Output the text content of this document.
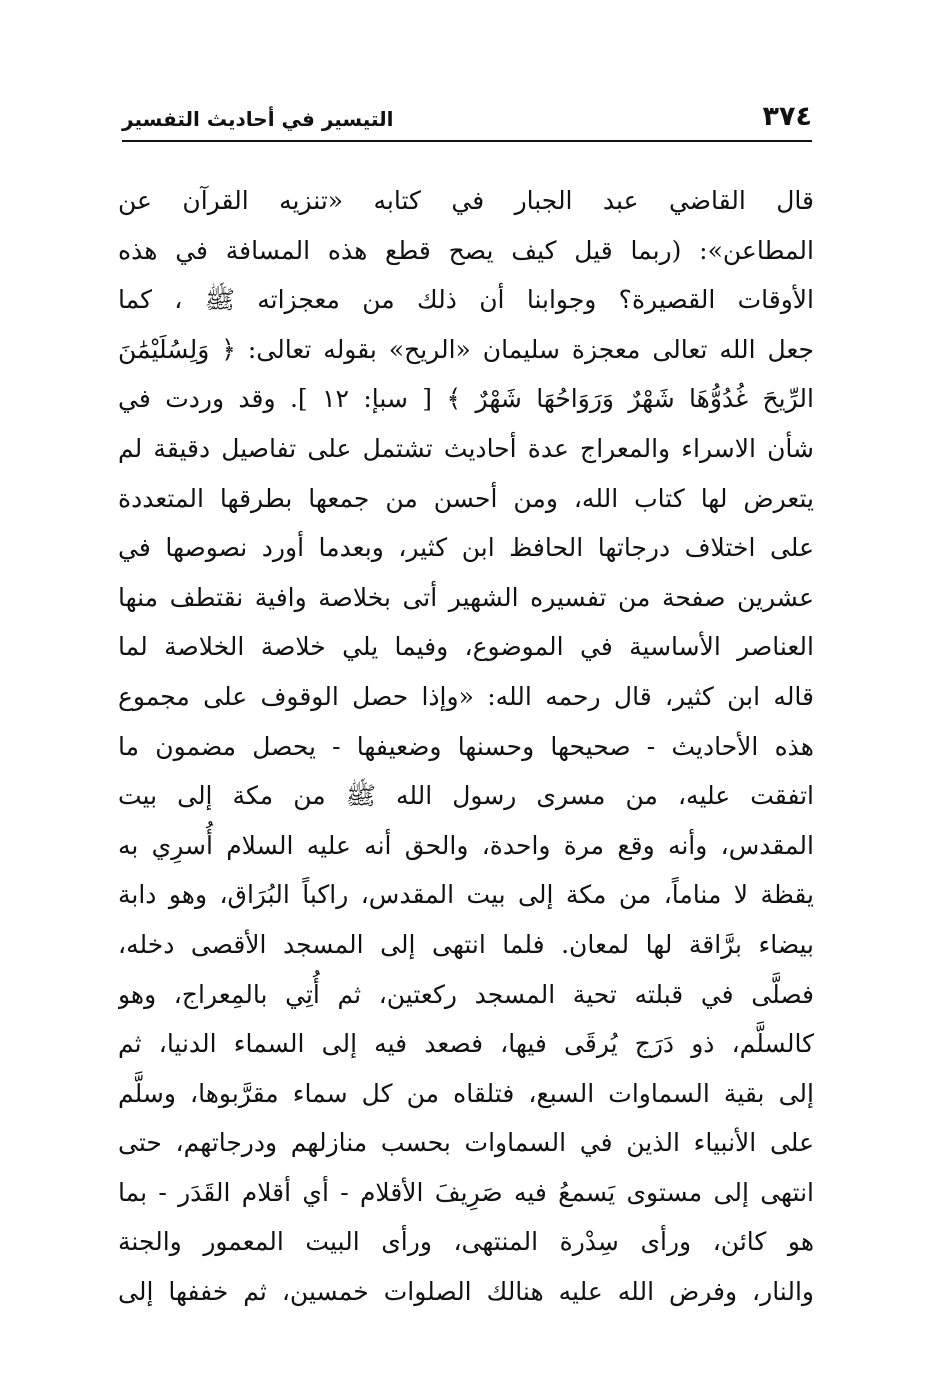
٣٧٤
التيسير في أحاديث التفسير
قال القاضي عبد الجبار في كتابه «تنزيه القرآن عن
المطاعن»: (ربما قيل كيف يصح قطع هذه المسافة في هذه
الأوقات القصيرة؟ وجوابنا أن ذلك من معجزاته ﷺ ، كما
جعل الله تعالى معجزة سليمان «الريح» بقوله تعالى: ﴿ وَلِسُلَيْمَٰنَ
الرِّيحَ غُدُوُّهَا شَهْرٌ وَرَوَاحُهَا شَهْرٌ ﴾ [ سبإ: ١٢ ]. وقد وردت في
شأن الاسراء والمعراج عدة أحاديث تشتمل على تفاصيل دقيقة لم
يتعرض لها كتاب الله، ومن أحسن من جمعها بطرقها المتعددة
على اختلاف درجاتها الحافظ ابن كثير، وبعدما أورد نصوصها في
عشرين صفحة من تفسيره الشهير أتى بخلاصة وافية نقتطف منها
العناصر الأساسية في الموضوع، وفيما يلي خلاصة الخلاصة لما
قاله ابن كثير، قال رحمه الله: «وإذا حصل الوقوف على مجموع
هذه الأحاديث - صحيحها وحسنها وضعيفها - يحصل مضمون ما
اتفقت عليه، من مسرى رسول الله ﷺ من مكة إلى بيت
المقدس، وأنه وقع مرة واحدة، والحق أنه عليه السلام أُسرِي به
يقظة لا مناماً، من مكة إلى بيت المقدس، راكباً البُرَاق، وهو دابة
بيضاء برَّاقة لها لمعان. فلما انتهى إلى المسجد الأقصى دخله،
فصلَّى في قبلته تحية المسجد ركعتين، ثم أُتِي بالمِعراج، وهو
كالسلَّم، ذو دَرَج يُرقَى فيها، فصعد فيه إلى السماء الدنيا، ثم
إلى بقية السماوات السبع، فتلقاه من كل سماء مقرَّبوها، وسلَّم
على الأنبياء الذين في السماوات بحسب منازلهم ودرجاتهم، حتى
انتهى إلى مستوى يَسمعُ فيه صَرِيفَ الأقلام - أي أقلام القَدَر - بما
هو كائن، ورأى سِدْرة المنتهى، ورأى البيت المعمور والجنة
والنار، وفرض الله عليه هنالك الصلوات خمسين، ثم خففها إلى
